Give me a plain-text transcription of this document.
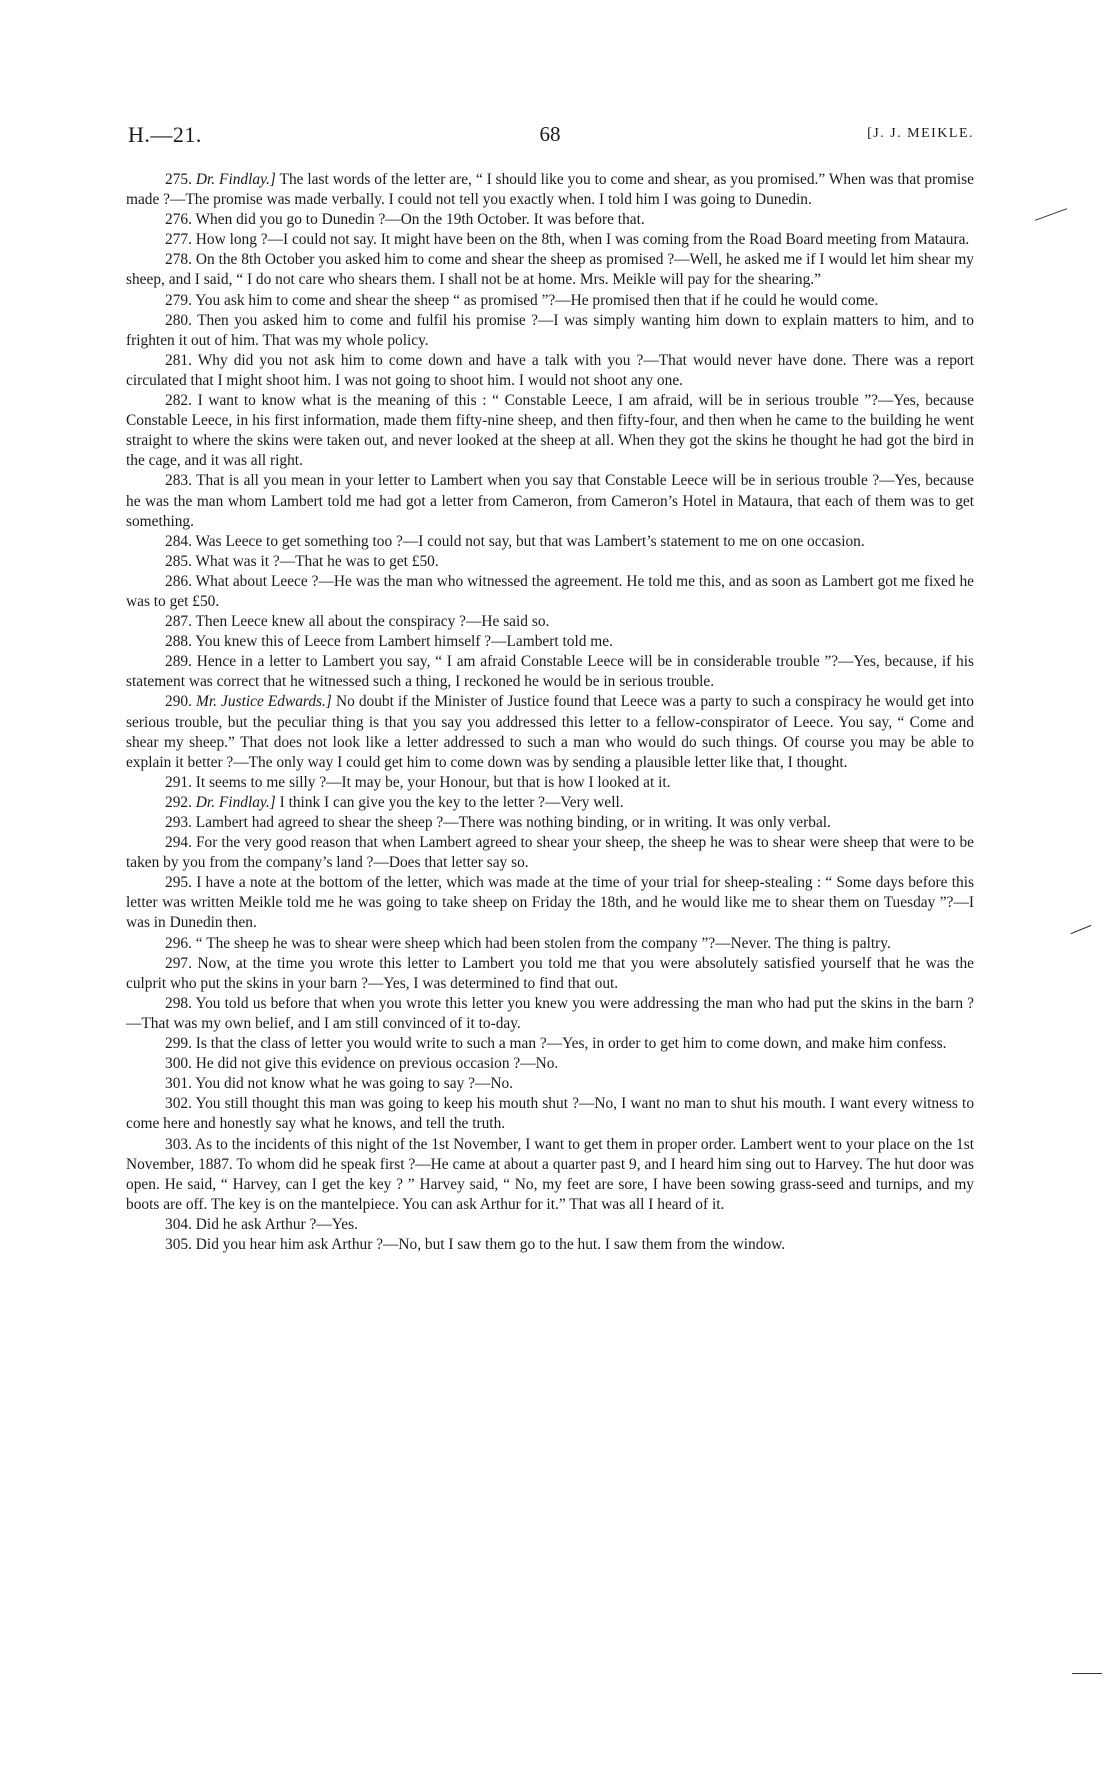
H.—21.	68	[J. J. MEIKLE.

275. Dr. Findlay.] The last words of the letter are, “ I should like you to come and shear, as you promised.” When was that promise made ?—The promise was made verbally. I could not tell you exactly when. I told him I was going to Dunedin.

276. When did you go to Dunedin ?—On the 19th October. It was before that.

277. How long ?—I could not say. It might have been on the 8th, when I was coming from the Road Board meeting from Mataura.

278. On the 8th October you asked him to come and shear the sheep as promised ?—Well, he asked me if I would let him shear my sheep, and I said, “ I do not care who shears them. I shall not be at home. Mrs. Meikle will pay for the shearing.”

279. You ask him to come and shear the sheep “ as promised ”?—He promised then that if he could he would come.

280. Then you asked him to come and fulfil his promise ?—I was simply wanting him down to explain matters to him, and to frighten it out of him. That was my whole policy.

281. Why did you not ask him to come down and have a talk with you ?—That would never have done. There was a report circulated that I might shoot him. I was not going to shoot him. I would not shoot any one.

282. I want to know what is the meaning of this : “ Constable Leece, I am afraid, will be in serious trouble ”?—Yes, because Constable Leece, in his first information, made them fifty-nine sheep, and then fifty-four, and then when he came to the building he went straight to where the skins were taken out, and never looked at the sheep at all. When they got the skins he thought he had got the bird in the cage, and it was all right.

283. That is all you mean in your letter to Lambert when you say that Constable Leece will be in serious trouble ?—Yes, because he was the man whom Lambert told me had got a letter from Cameron, from Cameron’s Hotel in Mataura, that each of them was to get something.

284. Was Leece to get something too ?—I could not say, but that was Lambert’s statement to me on one occasion.

285. What was it ?—That he was to get £50.

286. What about Leece ?—He was the man who witnessed the agreement. He told me this, and as soon as Lambert got me fixed he was to get £50.

287. Then Leece knew all about the conspiracy ?—He said so.

288. You knew this of Leece from Lambert himself ?—Lambert told me.

289. Hence in a letter to Lambert you say, “ I am afraid Constable Leece will be in considerable trouble ”?—Yes, because, if his statement was correct that he witnessed such a thing, I reckoned he would be in serious trouble.

290. Mr. Justice Edwards.] No doubt if the Minister of Justice found that Leece was a party to such a conspiracy he would get into serious trouble, but the peculiar thing is that you say you addressed this letter to a fellow-conspirator of Leece. You say, “ Come and shear my sheep.” That does not look like a letter addressed to such a man who would do such things. Of course you may be able to explain it better ?—The only way I could get him to come down was by sending a plausible letter like that, I thought.

291. It seems to me silly ?—It may be, your Honour, but that is how I looked at it.

292. Dr. Findlay.] I think I can give you the key to the letter ?—Very well.

293. Lambert had agreed to shear the sheep ?—There was nothing binding, or in writing. It was only verbal.

294. For the very good reason that when Lambert agreed to shear your sheep, the sheep he was to shear were sheep that were to be taken by you from the company’s land ?—Does that letter say so.

295. I have a note at the bottom of the letter, which was made at the time of your trial for sheep-stealing : “ Some days before this letter was written Meikle told me he was going to take sheep on Friday the 18th, and he would like me to shear them on Tuesday ”?—I was in Dunedin then.

296. “ The sheep he was to shear were sheep which had been stolen from the company ”?—Never. The thing is paltry.

297. Now, at the time you wrote this letter to Lambert you told me that you were absolutely satisfied yourself that he was the culprit who put the skins in your barn ?—Yes, I was determined to find that out.

298. You told us before that when you wrote this letter you knew you were addressing the man who had put the skins in the barn ?—That was my own belief, and I am still convinced of it to-day.

299. Is that the class of letter you would write to such a man ?—Yes, in order to get him to come down, and make him confess.

300. He did not give this evidence on previous occasion ?—No.

301. You did not know what he was going to say ?—No.

302. You still thought this man was going to keep his mouth shut ?—No, I want no man to shut his mouth. I want every witness to come here and honestly say what he knows, and tell the truth.

303. As to the incidents of this night of the 1st November, I want to get them in proper order. Lambert went to your place on the 1st November, 1887. To whom did he speak first ?—He came at about a quarter past 9, and I heard him sing out to Harvey. The hut door was open. He said, “ Harvey, can I get the key ? ” Harvey said, “ No, my feet are sore, I have been sowing grass-seed and turnips, and my boots are off. The key is on the mantelpiece. You can ask Arthur for it.” That was all I heard of it.

304. Did he ask Arthur ?—Yes.

305. Did you hear him ask Arthur ?—No, but I saw them go to the hut. I saw them from the window.
